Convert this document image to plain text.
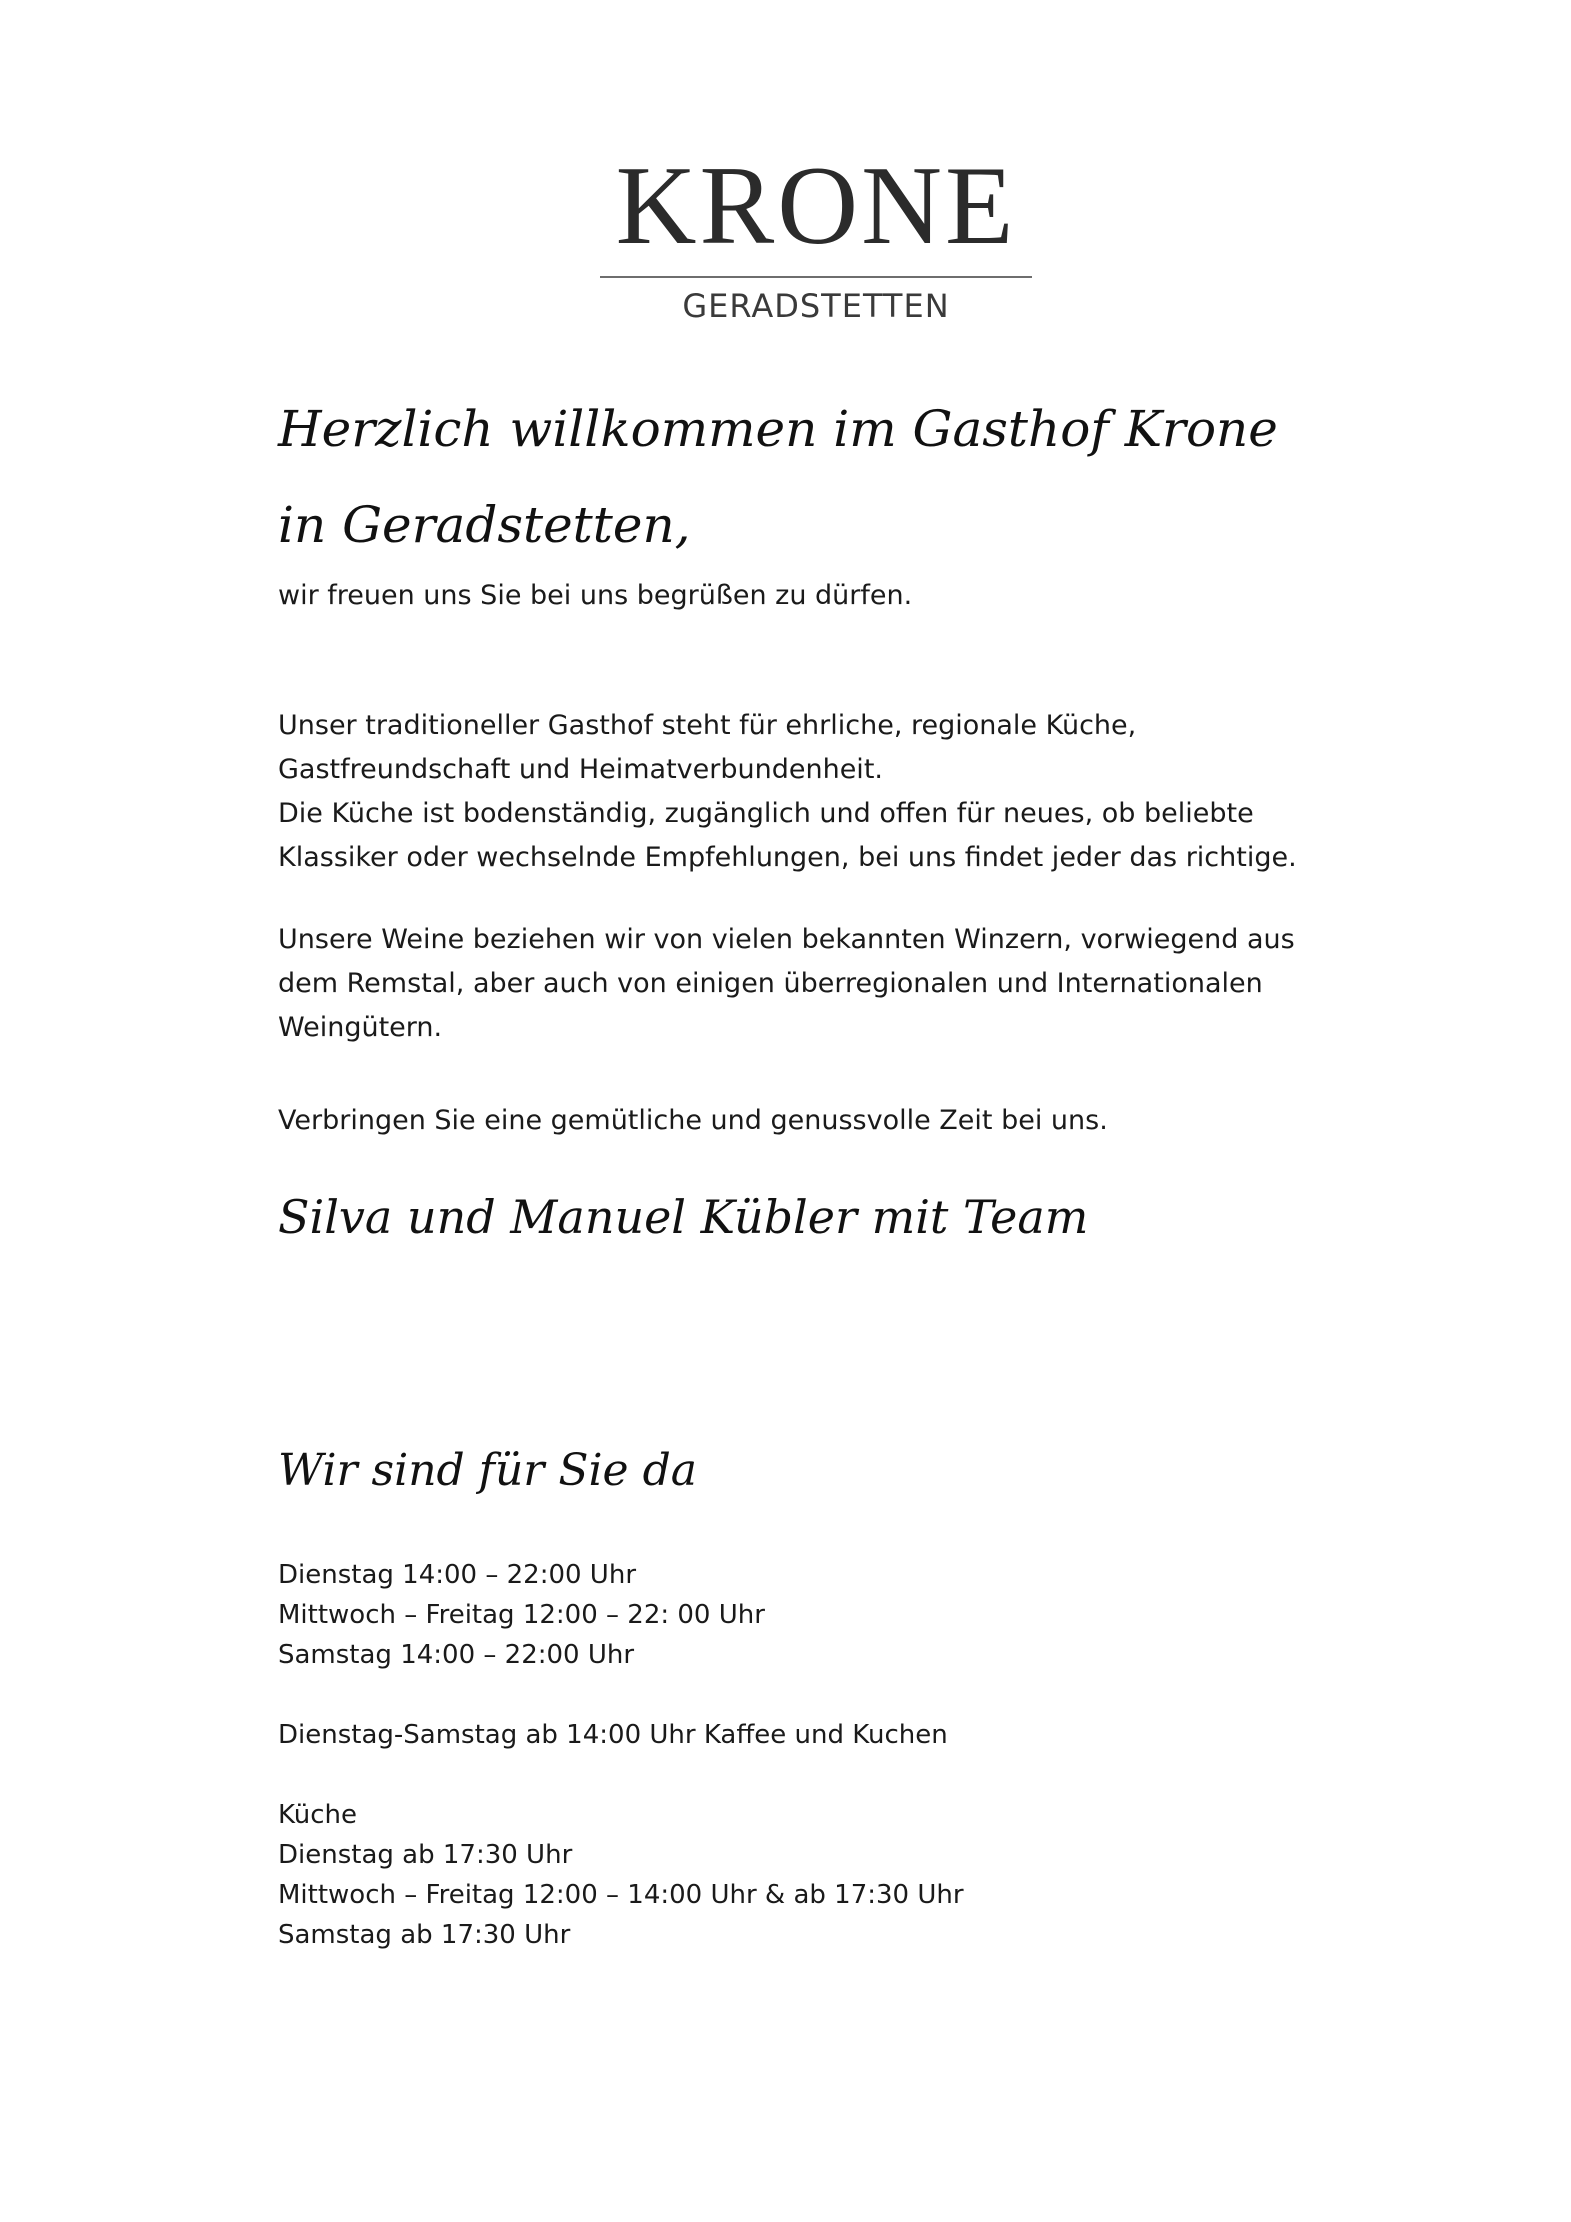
KRONE
GERADSTETTEN
Herzlich willkommen im Gasthof Krone
in Geradstetten,

wir freuen uns Sie bei uns begrüßen zu dürfen.

Unser traditioneller Gasthof steht für ehrliche, regionale Küche,
Gastfreundschaft und Heimatverbundenheit.
Die Küche ist bodenständig, zugänglich und offen für neues, ob beliebte
Klassiker oder wechselnde Empfehlungen, bei uns findet jeder das richtige.
Unsere Weine beziehen wir von vielen bekannten Winzern, vorwiegend aus
dem Remstal, aber auch von einigen überregionalen und Internationalen
Weingütern.

Verbringen Sie eine gemütliche und genussvolle Zeit bei uns.

Silva und Manuel Kübler mit Team
Wir sind für Sie da
Dienstag 14:00 – 22:00 Uhr
Mittwoch – Freitag 12:00 – 22: 00 Uhr
Samstag 14:00 – 22:00 Uhr
Dienstag-Samstag ab 14:00 Uhr Kaffee und Kuchen
Küche
Dienstag ab 17:30 Uhr
Mittwoch – Freitag 12:00 – 14:00 Uhr & ab 17:30 Uhr
Samstag ab 17:30 Uhr
